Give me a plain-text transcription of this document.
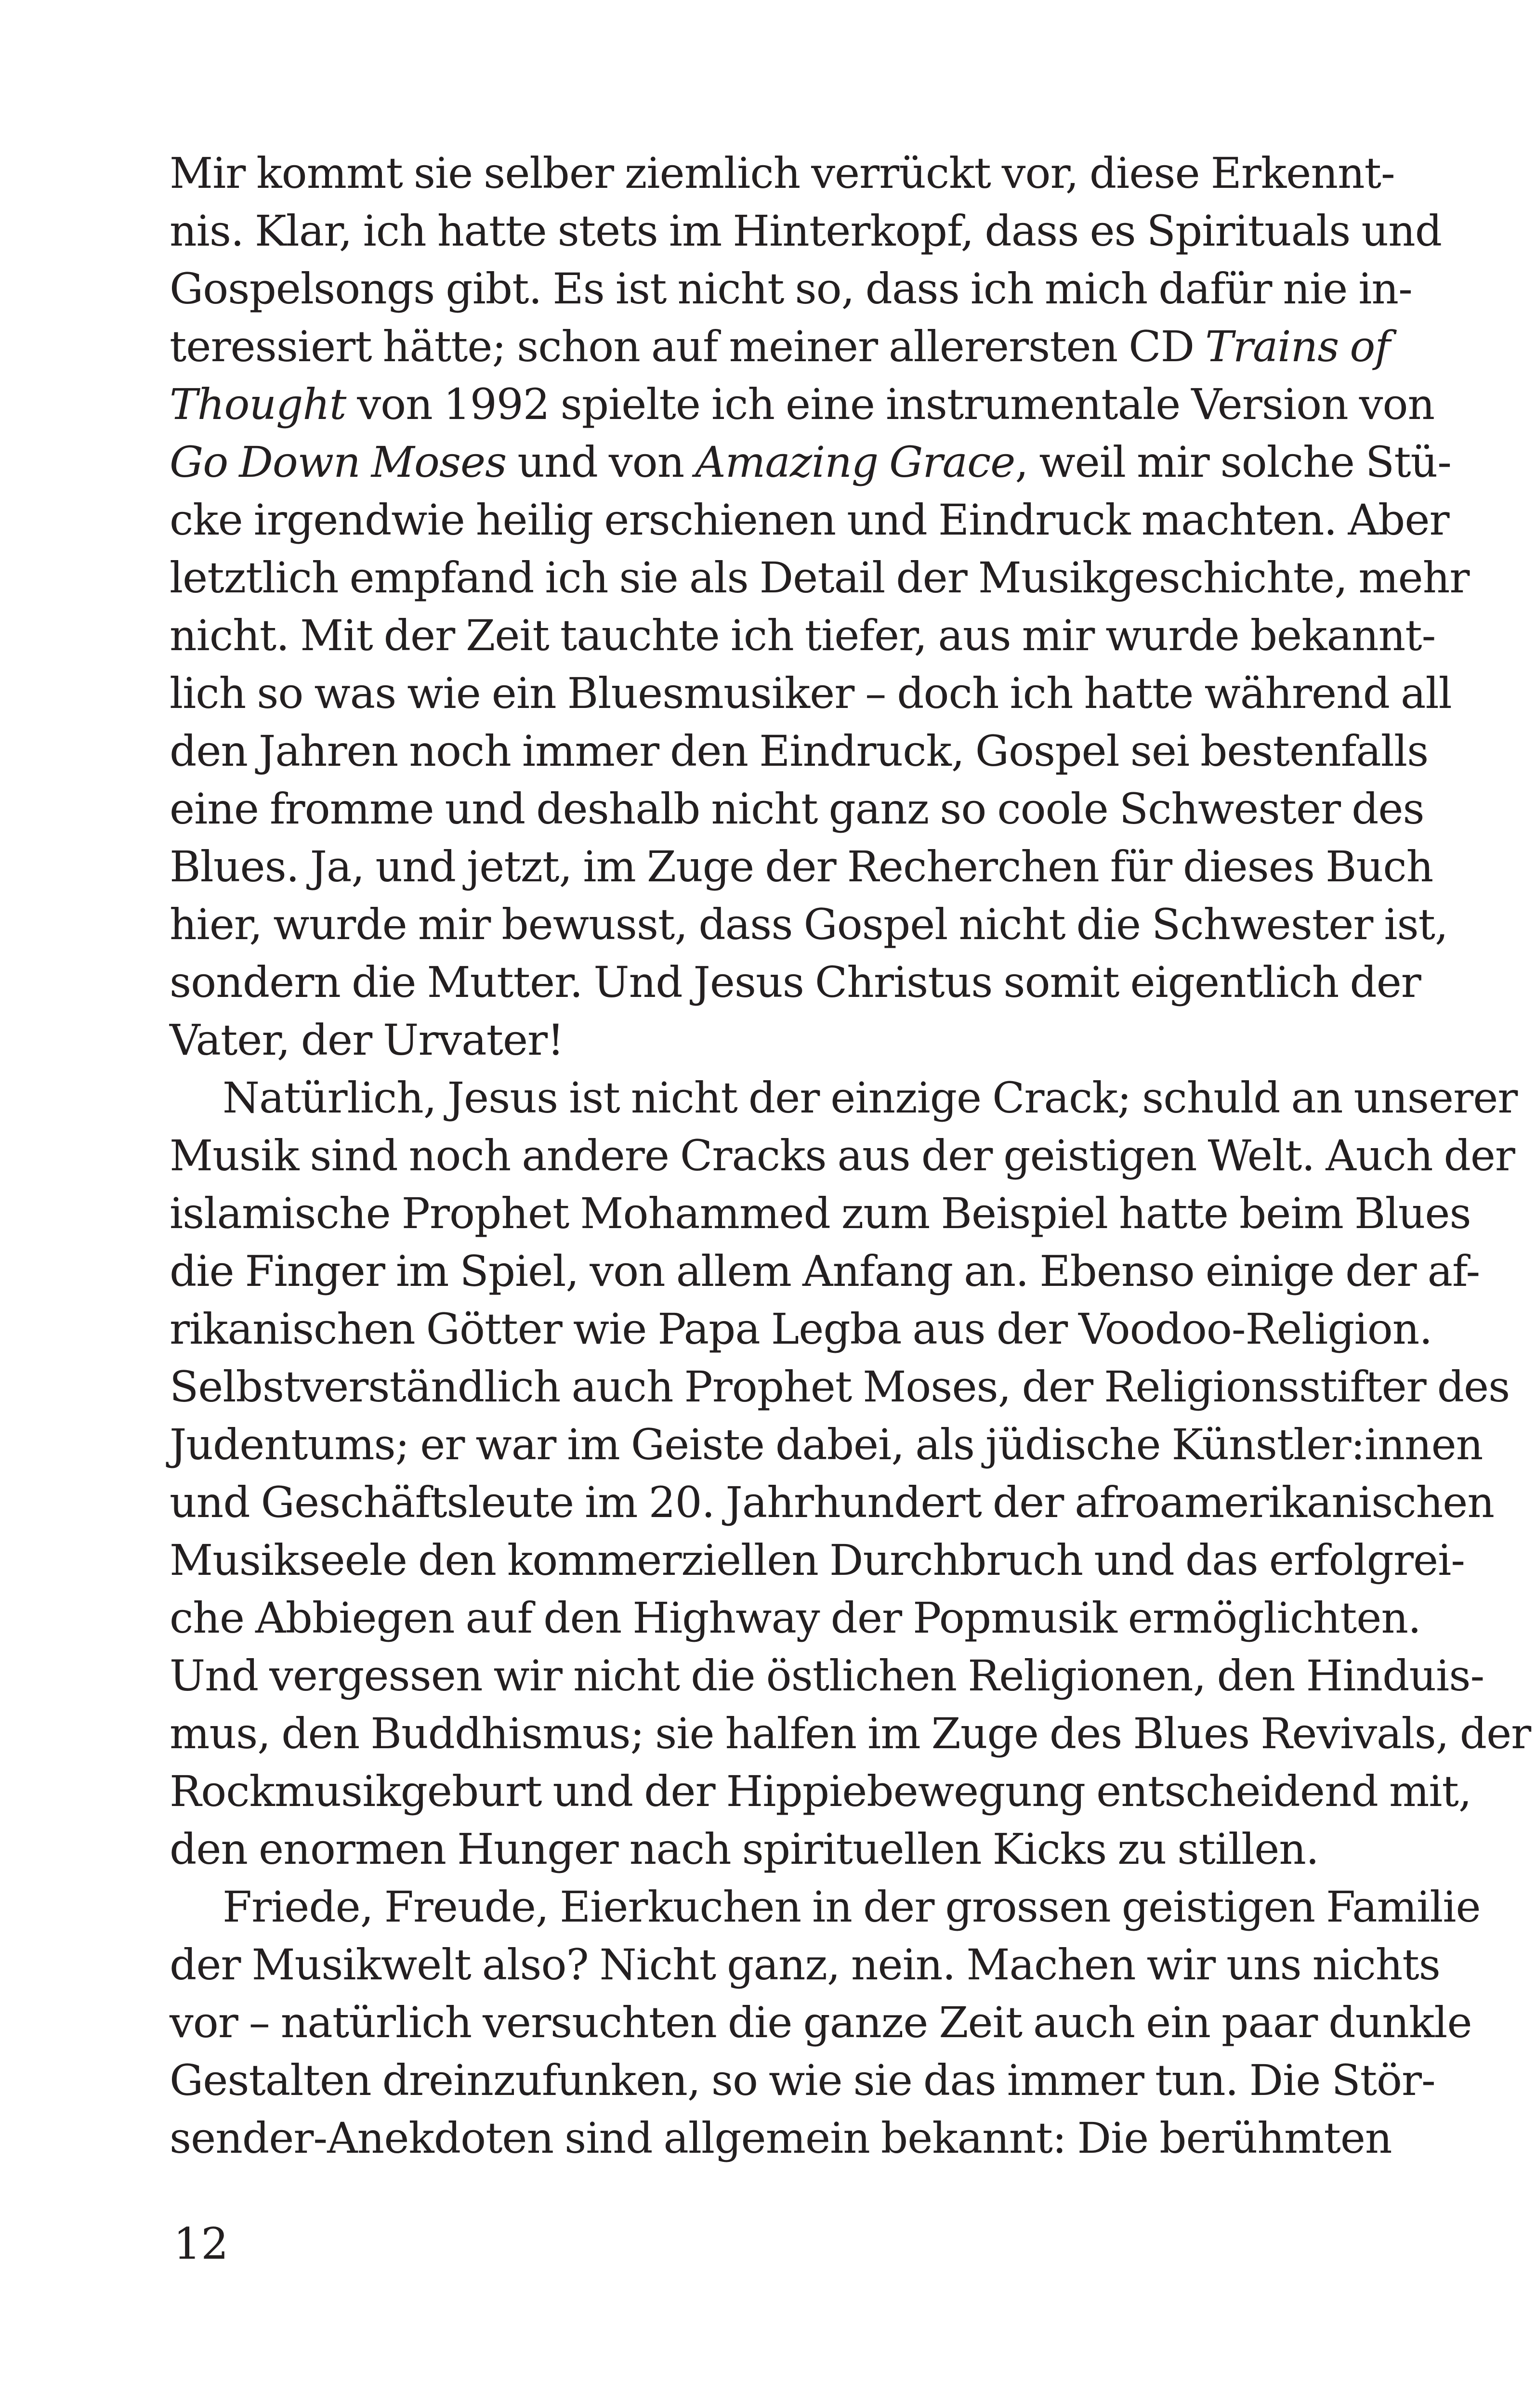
Mir kommt sie selber ziemlich verrückt vor, diese Erkennt-
nis. Klar, ich hatte stets im Hinterkopf, dass es Spirituals und
Gospelsongs gibt. Es ist nicht so, dass ich mich dafür nie in-
teressiert hätte; schon auf meiner allerersten CD Trains of
Thought von 1992 spielte ich eine instrumentale Version von
Go Down Moses und von Amazing Grace, weil mir solche Stü-
cke irgendwie heilig erschienen und Eindruck machten. Aber
letztlich empfand ich sie als Detail der Musikgeschichte, mehr
nicht. Mit der Zeit tauchte ich tiefer, aus mir wurde bekannt-
lich so was wie ein Bluesmusiker – doch ich hatte während all
den Jahren noch immer den Eindruck, Gospel sei bestenfalls
eine fromme und deshalb nicht ganz so coole Schwester des
Blues. Ja, und jetzt, im Zuge der Recherchen für dieses Buch
hier, wurde mir bewusst, dass Gospel nicht die Schwester ist,
sondern die Mutter. Und Jesus Christus somit eigentlich der
Vater, der Urvater!
Natürlich, Jesus ist nicht der einzige Crack; schuld an unserer
Musik sind noch andere Cracks aus der geistigen Welt. Auch der
islamische Prophet Mohammed zum Beispiel hatte beim Blues
die Finger im Spiel, von allem Anfang an. Ebenso einige der af-
rikanischen Götter wie Papa Legba aus der Voodoo-Religion.
Selbstverständlich auch Prophet Moses, der Religionsstifter des
Judentums; er war im Geiste dabei, als jüdische Künstler:innen
und Geschäftsleute im 20. Jahrhundert der afroamerikanischen
Musikseele den kommerziellen Durchbruch und das erfolgrei-
che Abbiegen auf den Highway der Popmusik ermöglichten.
Und vergessen wir nicht die östlichen Religionen, den Hinduis-
mus, den Buddhismus; sie halfen im Zuge des Blues Revivals, der
Rockmusikgeburt und der Hippiebewegung entscheidend mit,
den enormen Hunger nach spirituellen Kicks zu stillen.
Friede, Freude, Eierkuchen in der grossen geistigen Familie
der Musikwelt also? Nicht ganz, nein. Machen wir uns nichts
vor – natürlich versuchten die ganze Zeit auch ein paar dunkle
Gestalten dreinzufunken, so wie sie das immer tun. Die Stör-
sender-Anekdoten sind allgemein bekannt: Die berühmten
12
